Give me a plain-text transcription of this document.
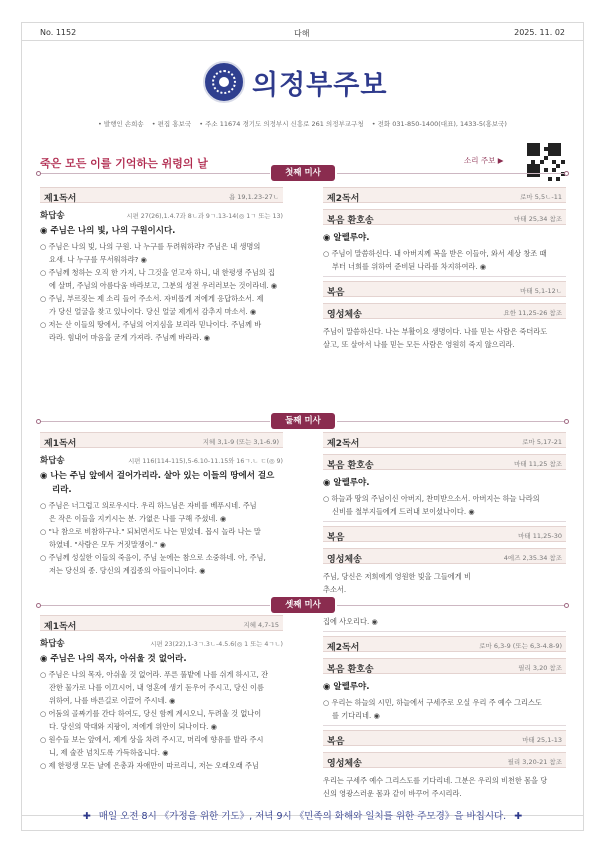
No. 1152	다해	2025. 11. 02
의정부주보
• 발행인 손희송 • 편집 홍보국 • 주소 11674 경기도 의정부시 신흥로 261 의정부교구청 • 전화 031-850-1400(대표), 1433-5(홍보국)
죽은 모든 이를 기억하는 위령의 날	소리 주보 ▶
첫째 미사
제1독서	욥 19,1.23-27ㄴ
화답송	시편 27(26),1.4.7과 8ㄴ과 9ㄱ.13-14(◎ 1ㄱ 또는 13)
◉ 주님은 나의 빛, 나의 구원이시다.
○ 주님은 나의 빛, 나의 구원. 나 누구를 두려워하랴? 주님은 내 생명의
요새. 나 누구를 무서워하랴? ◉
○ 주님께 청하는 오직 한 가지, 나 그것을 얻고자 하니, 내 한평생 주님의 집
에 살며, 주님의 아름다움 바라보고, 그분의 성전 우러러보는 것이라네. ◉
○ 주님, 부르짖는 제 소리 들어 주소서. 자비롭게 저에게 응답하소서. 제
가 당신 얼굴을 찾고 있나이다. 당신 얼굴 제게서 감추지 마소서. ◉
○ 저는 산 이들의 땅에서, 주님의 어지심을 보리라 믿나이다. 주님께 바
라라. 힘내어 마음을 굳게 가져라. 주님께 바라라. ◉
제2독서	로마 5,5ㄴ-11
복음 환호송	마태 25,34 참조
◉ 알렐루야.
○ 주님이 말씀하신다. 내 아버지께 복을 받은 이들아, 와서 세상 창조 때
부터 너희를 위하여 준비된 나라를 차지하여라. ◉
복음	마태 5,1-12ㄴ
영성체송	요한 11,25-26 참조
주님이 말씀하신다. 나는 부활이요 생명이다. 나를 믿는 사람은 죽더라도
살고, 또 살아서 나를 믿는 모든 사람은 영원히 죽지 않으리라.
둘째 미사
제1독서	지혜 3,1-9 (또는 3,1-6.9)
화답송	시편 116(114-115),5-6.10-11.15와 16ㄱ.ㄴ ㄷ(◎ 9)
◉ 나는 주님 앞에서 걸어가리라. 살아 있는 이들의 땅에서 걸으
리라.
○ 주님은 너그럽고 의로우시다. 우리 하느님은 자비를 베푸시네. 주님
은 작은 이들을 지키시는 분. 가엾은 나를 구해 주셨네. ◉
○ "나 참으로 비참하구나." 되뇌면서도 나는 믿었네. 몹시 놀라 나는 말
하였네. "사람은 모두 거짓말쟁이." ◉
○ 주님께 성실한 이들의 죽음이, 주님 눈에는 참으로 소중하네. 아, 주님,
저는 당신의 종. 당신의 계집종의 아들이니이다. ◉
제2독서	로마 5,17-21
복음 환호송	마태 11,25 참조
◉ 알렐루야.
○ 하늘과 땅의 주님이신 아버지, 찬미받으소서. 아버지는 하늘 나라의
신비를 철부지들에게 드러내 보이셨나이다. ◉
복음	마태 11,25-30
영성체송	4에즈 2,35.34 참조
주님, 당신은 저희에게 영원한 빛을 그들에게 비
추소서.
셋째 미사
제1독서	지혜 4,7-15
화답송	시편 23(22),1-3ㄱ.3ㄴ-4.5.6(◎ 1 또는 4ㄱㄴ)
◉ 주님은 나의 목자, 아쉬울 것 없어라.
○ 주님은 나의 목자, 아쉬울 것 없어라. 푸른 풀밭에 나를 쉬게 하시고, 잔
잔한 물가로 나를 이끄시어, 내 영혼에 생기 돋우어 주시고, 당신 이름
위하여, 나를 바른길로 이끌어 주시네. ◉
○ 어둠의 골짜기를 간다 하여도, 당신 함께 계시오니, 두려울 것 없나이
다. 당신의 막대와 지팡이, 저에게 위안이 되나이다. ◉
○ 원수들 보는 앞에서, 제게 상을 차려 주시고, 머리에 향유를 발라 주시
니, 제 술잔 넘치도록 가득하옵니다. ◉
○ 제 한평생 모든 날에 은총과 자애만이 따르리니, 저는 오래오래 주님
집에 사오리다. ◉
제2독서	로마 6,3-9 (또는 6,3-4.8-9)
복음 환호송	필리 3,20 참조
◉ 알렐루야.
○ 우리는 하늘의 시민, 하늘에서 구세주로 오실 우리 주 예수 그리스도
를 기다리네. ◉
복음	마태 25,1-13
영성체송	필리 3,20-21 참조
우리는 구세주 예수 그리스도를 기다리네. 그분은 우리의 비천한 몸을 당
신의 영광스러운 몸과 같이 바꾸어 주시리라.
✚ 매일 오전 8시 《가정을 위한 기도》, 저녁 9시 《민족의 화해와 일치를 위한 주모경》을 바칩시다. ✚
